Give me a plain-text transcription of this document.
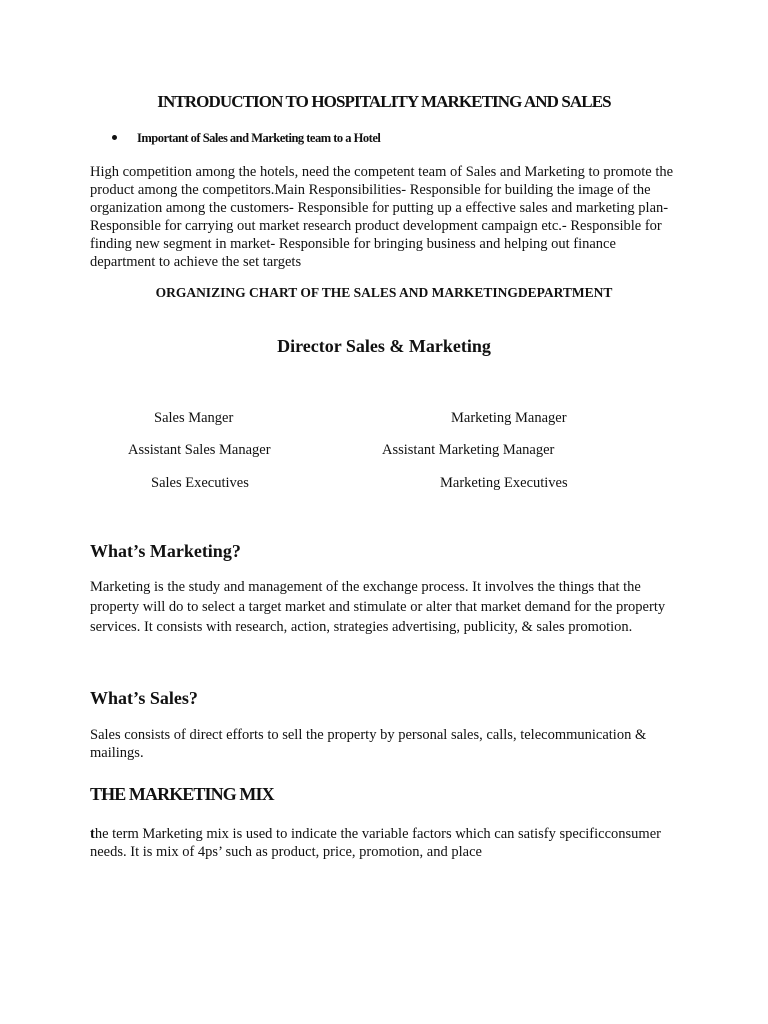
INTRODUCTION TO HOSPITALITY MARKETING AND SALES
Important of Sales and Marketing team to a Hotel
High competition among the hotels, need the competent team of Sales and Marketing to promote the product among the competitors.Main Responsibilities- Responsible for building the image of the organization among the customers- Responsible for putting up a effective sales and marketing plan- Responsible for carrying out market research product development campaign etc.- Responsible for finding new segment in market- Responsible for bringing business and helping out finance department to achieve the set targets
ORGANIZING CHART OF THE SALES AND MARKETINGDEPARTMENT
Director Sales & Marketing
Sales Manger	Marketing Manager
Assistant Sales Manager	Assistant Marketing Manager
Sales Executives	Marketing Executives
What’s Marketing?
Marketing is the study and management of the exchange process. It involves the things that the property will do to select a target market and stimulate or alter that market demand for the property services. It consists with research, action, strategies advertising, publicity, & sales promotion.
What’s Sales?
Sales consists of direct efforts to sell the property by personal sales, calls, telecommunication & mailings.
THE MARKETING MIX
the term Marketing mix is used to indicate the variable factors which can satisfy specificconsumer needs. It is mix of 4ps’ such as product, price, promotion, and place
